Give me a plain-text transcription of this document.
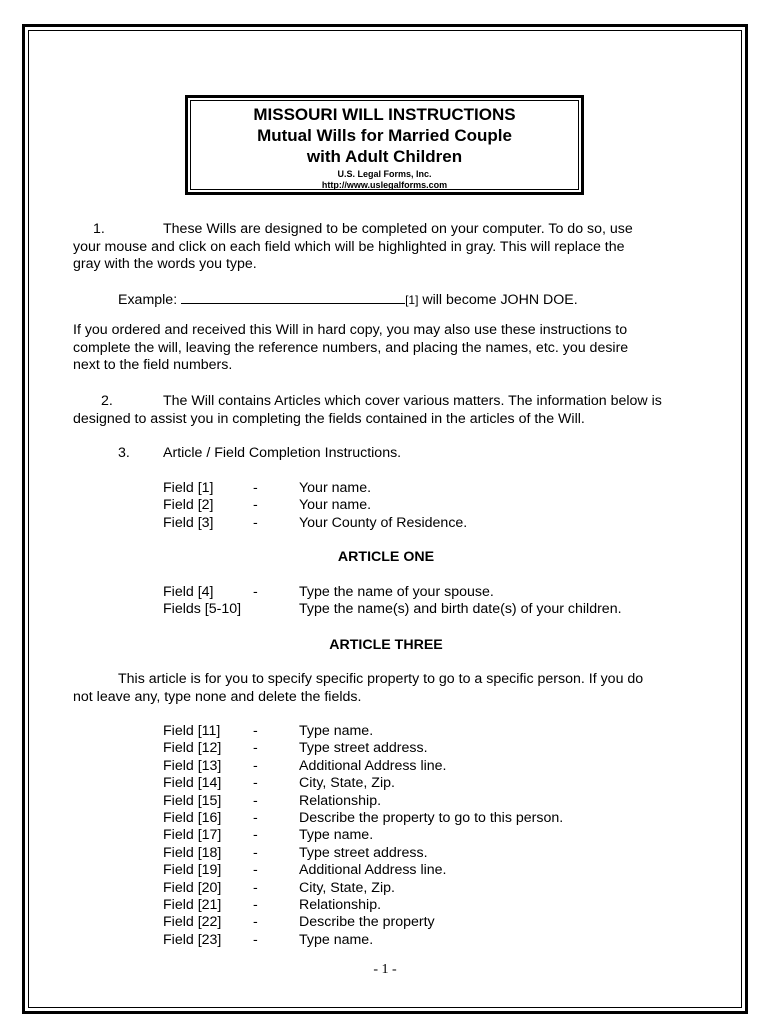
MISSOURI WILL INSTRUCTIONS
Mutual Wills for Married Couple
with Adult Children
U.S. Legal Forms, Inc.
http://www.uslegalforms.com

1.	These Wills are designed to be completed on your computer. To do so, use

your mouse and click on each field which will be highlighted in gray. This will replace the

gray with the words you type.

Example:	[1] will become JOHN DOE.

If you ordered and received this Will in hard copy, you may also use these instructions to

complete the will, leaving the reference numbers, and placing the names, etc. you desire

next to the field numbers.

2.	The Will contains Articles which cover various matters. The information below is

designed to assist you in completing the fields contained in the articles of the Will.

3. Article / Field Completion Instructions.
Field [1]	-	Your name.
Field [2]	-	Your name.
Field [3]	-	Your County of Residence.
ARTICLE ONE
Field [4]	-	Type the name of your spouse.
Fields [5-10]	Type the name(s) and birth date(s) of your children.
ARTICLE THREE

This article is for you to specify specific property to go to a specific person. If you do

not leave any, type none and delete the fields.

Field [11] -	Type name.
Field [12] -	Type street address.
Field [13] -	Additional Address line.
Field [14] -	City, State, Zip.
Field [15] -	Relationship.
Field [16] -	Describe the property to go to this person.
Field [17] -	Type name.
Field [18] -	Type street address.
Field [19] -	Additional Address line.
Field [20] -	City, State, Zip.
Field [21] -	Relationship.
Field [22] -	Describe the property
Field [23] -	Type name.
- 1 -
